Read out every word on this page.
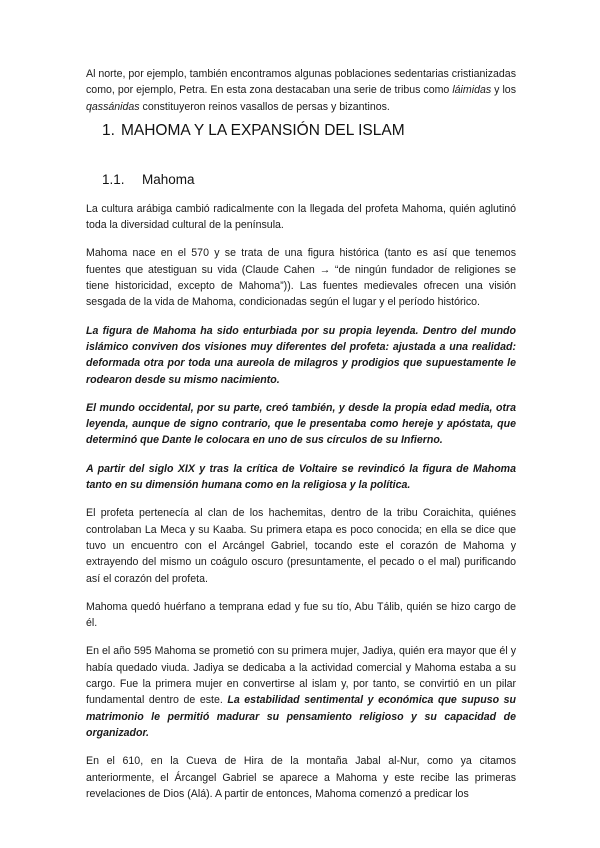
Al norte, por ejemplo, también encontramos algunas poblaciones sedentarias cristianizadas como, por ejemplo, Petra. En esta zona destacaban una serie de tribus como láimidas y los qassánidas constituyeron reinos vasallos de persas y bizantinos.

1. MAHOMA Y LA EXPANSIÓN DEL ISLAM
1.1. Mahoma

La cultura arábiga cambió radicalmente con la llegada del profeta Mahoma, quién aglutinó toda la diversidad cultural de la península.

Mahoma nace en el 570 y se trata de una figura histórica (tanto es así que tenemos fuentes que atestiguan su vida (Claude Cahen → “de ningún fundador de religiones se tiene historicidad, excepto de Mahoma”)). Las fuentes medievales ofrecen una visión sesgada de la vida de Mahoma, condicionadas según el lugar y el período histórico.

La figura de Mahoma ha sido enturbiada por su propia leyenda. Dentro del mundo islámico conviven dos visiones muy diferentes del profeta: ajustada a una realidad: deformada otra por toda una aureola de milagros y prodigios que supuestamente le rodearon desde su mismo nacimiento.

El mundo occidental, por su parte, creó también, y desde la propia edad media, otra leyenda, aunque de signo contrario, que le presentaba como hereje y apóstata, que determinó que Dante le colocara en uno de sus círculos de su Infierno.

A partir del siglo XIX y tras la crítica de Voltaire se revindicó la figura de Mahoma tanto en su dimensión humana como en la religiosa y la política.

El profeta pertenecía al clan de los hachemitas, dentro de la tribu Coraichita, quiénes controlaban La Meca y su Kaaba. Su primera etapa es poco conocida; en ella se dice que tuvo un encuentro con el Arcángel Gabriel, tocando este el corazón de Mahoma y extrayendo del mismo un coágulo oscuro (presuntamente, el pecado o el mal) purificando así el corazón del profeta.

Mahoma quedó huérfano a temprana edad y fue su tío, Abu Tálib, quién se hizo cargo de él.

En el año 595 Mahoma se prometió con su primera mujer, Jadiya, quién era mayor que él y había quedado viuda. Jadiya se dedicaba a la actividad comercial y Mahoma estaba a su cargo. Fue la primera mujer en convertirse al islam y, por tanto, se convirtió en un pilar fundamental dentro de este. La estabilidad sentimental y económica que supuso su matrimonio le permitió madurar su pensamiento religioso y su capacidad de organizador.

En el 610, en la Cueva de Hira de la montaña Jabal al-Nur, como ya citamos anteriormente, el Árcangel Gabriel se aparece a Mahoma y este recibe las primeras revelaciones de Dios (Alá). A partir de entonces, Mahoma comenzó a predicar los
